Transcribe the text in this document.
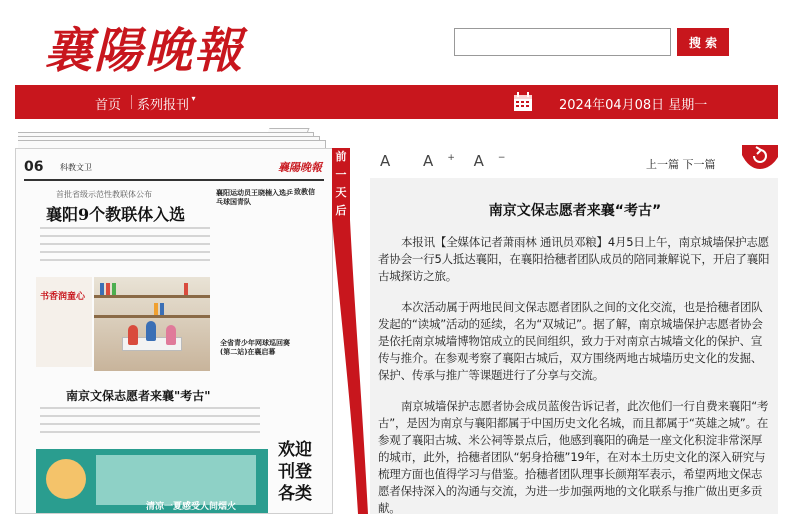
襄陽晚報	搜 索
首页 系列报刊 ▾	2024年04月08日 星期一
06 科教文卫	襄陽晚報
首批省级示范性教联体公布
襄阳9个教联体入选
襄阳运动员王晓楠入选乒乓球国青队
致教信
书香润童心
全省青少年网球巡回赛(第二站)在襄启幕
南京文保志愿者来襄"考古"
清凉一夏感受人间烟火
欢迎刊登各类
前一天后
A A + A −	上一篇 下一篇
南京文保志愿者来襄“考古”

本报讯【全媒体记者萧雨林 通讯员邓粮】4月5日上午，南京城墙保护志愿者协会一行5人抵达襄阳，在襄阳拾穗者团队成员的陪同兼解说下，开启了襄阳古城探访之旅。

本次活动属于两地民间文保志愿者团队之间的文化交流，也是拾穗者团队发起的“读城”活动的延续，名为“双城记”。据了解，南京城墙保护志愿者协会是依托南京城墙博物馆成立的民间组织，致力于对南京古城墙文化的保护、宣传与推介。在参观考察了襄阳古城后，双方围绕两地古城墙历史文化的发掘、保护、传承与推广等课题进行了分享与交流。

南京城墙保护志愿者协会成员蓝俊告诉记者，此次他们一行自费来襄阳“考古”，是因为南京与襄阳都属于中国历史文化名城，而且都属于“英雄之城”。在参观了襄阳古城、米公祠等景点后，他感到襄阳的确是一座文化积淀非常深厚的城市，此外，拾穗者团队“躬身拾穗”19年，在对本土历史文化的深入研究与梳理方面也值得学习与借鉴。拾穗者团队理事长颜翔军表示，希望两地文保志愿者保持深入的沟通与交流，为进一步加强两地的文化联系与推广做出更多贡献。
